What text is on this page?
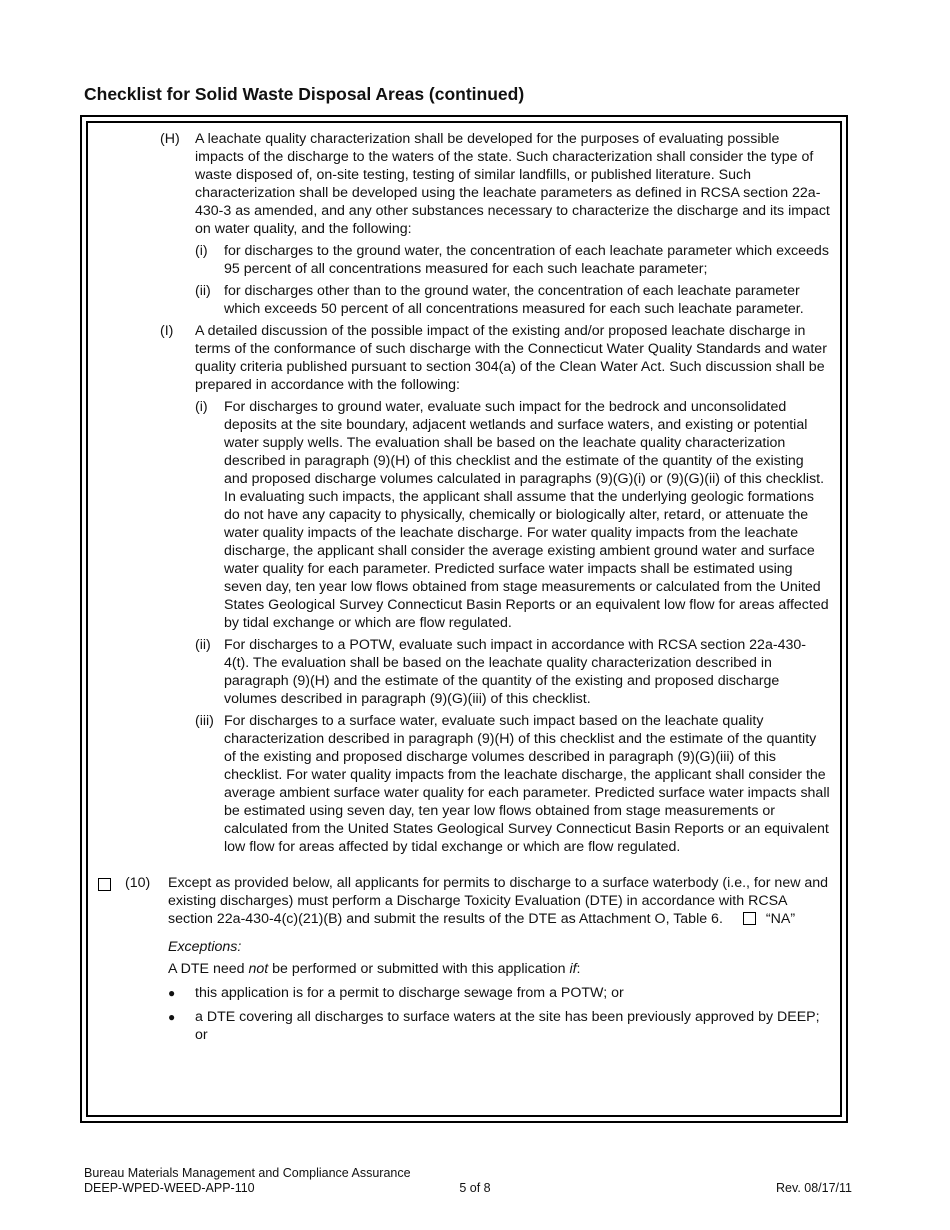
Checklist for Solid Waste Disposal Areas (continued)
(H)	A leachate quality characterization shall be developed for the purposes of evaluating possible impacts of the discharge to the waters of the state. Such characterization shall consider the type of waste disposed of, on-site testing, testing of similar landfills, or published literature. Such characterization shall be developed using the leachate parameters as defined in RCSA section 22a-430-3 as amended, and any other substances necessary to characterize the discharge and its impact on water quality, and the following:
(i)	for discharges to the ground water, the concentration of each leachate parameter which exceeds 95 percent of all concentrations measured for each such leachate parameter;
(ii) for discharges other than to the ground water, the concentration of each leachate parameter which exceeds 50 percent of all concentrations measured for each such leachate parameter.
(I)	A detailed discussion of the possible impact of the existing and/or proposed leachate discharge in terms of the conformance of such discharge with the Connecticut Water Quality Standards and water quality criteria published pursuant to section 304(a) of the Clean Water Act. Such discussion shall be prepared in accordance with the following:
(i)	For discharges to ground water, evaluate such impact for the bedrock and unconsolidated deposits at the site boundary, adjacent wetlands and surface waters, and existing or potential water supply wells. The evaluation shall be based on the leachate quality characterization described in paragraph (9)(H) of this checklist and the estimate of the quantity of the existing and proposed discharge volumes calculated in paragraphs (9)(G)(i) or (9)(G)(ii) of this checklist. In evaluating such impacts, the applicant shall assume that the underlying geologic formations do not have any capacity to physically, chemically or biologically alter, retard, or attenuate the water quality impacts of the leachate discharge. For water quality impacts from the leachate discharge, the applicant shall consider the average existing ambient ground water and surface water quality for each parameter. Predicted surface water impacts shall be estimated using seven day, ten year low flows obtained from stage measurements or calculated from the United States Geological Survey Connecticut Basin Reports or an equivalent low flow for areas affected by tidal exchange or which are flow regulated.
(ii) For discharges to a POTW, evaluate such impact in accordance with RCSA section 22a-430-4(t). The evaluation shall be based on the leachate quality characterization described in paragraph (9)(H) and the estimate of the quantity of the existing and proposed discharge volumes described in paragraph (9)(G)(iii) of this checklist.
(iii) For discharges to a surface water, evaluate such impact based on the leachate quality characterization described in paragraph (9)(H) of this checklist and the estimate of the quantity of the existing and proposed discharge volumes described in paragraph (9)(G)(iii) of this checklist. For water quality impacts from the leachate discharge, the applicant shall consider the average ambient surface water quality for each parameter. Predicted surface water impacts shall be estimated using seven day, ten year low flows obtained from stage measurements or calculated from the United States Geological Survey Connecticut Basin Reports or an equivalent low flow for areas affected by tidal exchange or which are flow regulated.
(10)	Except as provided below, all applicants for permits to discharge to a surface waterbody (i.e., for new and existing discharges) must perform a Discharge Toxicity Evaluation (DTE) in accordance with RCSA section 22a-430-4(c)(21)(B) and submit the results of the DTE as Attachment O, Table 6.	“NA”
Exceptions:
A DTE need not be performed or submitted with this application if:
●	this application is for a permit to discharge sewage from a POTW; or
●	a DTE covering all discharges to surface waters at the site has been previously approved by DEEP; or
Bureau Materials Management and Compliance Assurance
DEEP-WPED-WEED-APP-110	5 of 8	Rev. 08/17/11
